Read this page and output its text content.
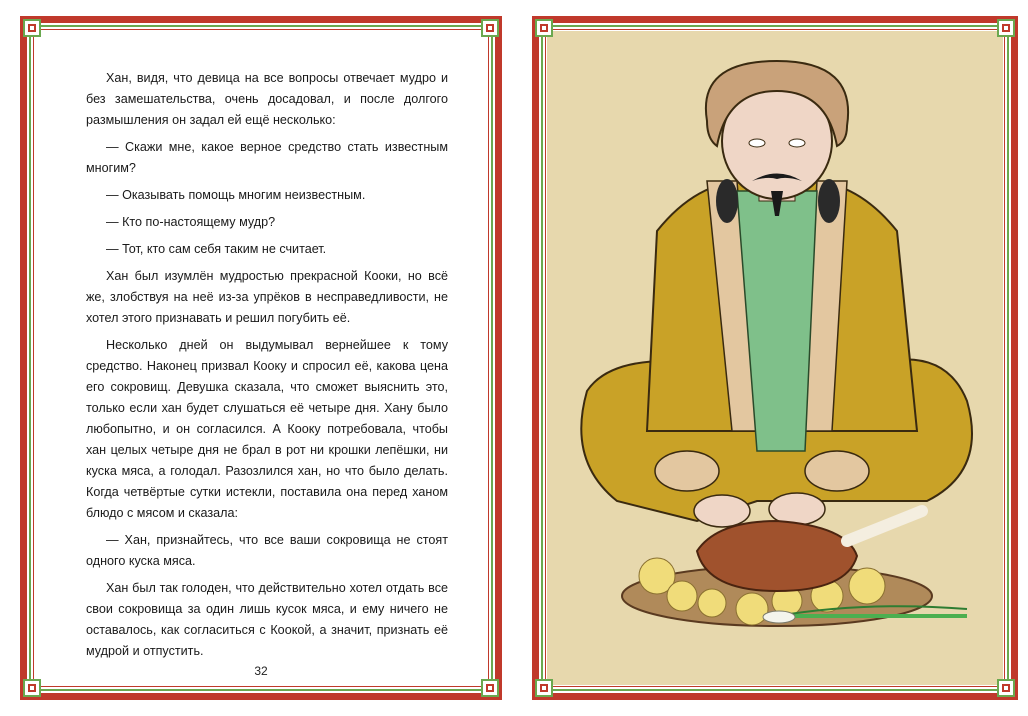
Хан, видя, что девица на все вопросы отвечает мудро и без замешательства, очень досадовал, и после долгого размышления он задал ей ещё несколько:

— Скажи мне, какое верное средство стать известным многим?

— Оказывать помощь многим неизвестным.

— Кто по-настоящему мудр?

— Тот, кто сам себя таким не считает.

Хан был изумлён мудростью прекрасной Кооки, но всё же, злобствуя на неё из-за упрёков в несправедливости, не хотел этого признавать и решил погубить её.

Несколько дней он выдумывал вернейшее к тому средство. Наконец призвал Кооку и спросил её, какова цена его сокровищ. Девушка сказала, что сможет выяснить это, только если хан будет слушаться её четыре дня. Хану было любопытно, и он согласился. А Кооку потребовала, чтобы хан целых четыре дня не брал в рот ни крошки лепёшки, ни куска мяса, а голодал. Разозлился хан, но что было делать. Когда четвёртые сутки истекли, поставила она перед ханом блюдо с мясом и сказала:

— Хан, признайтесь, что все ваши сокровища не стоят одного куска мяса.

Хан был так голоден, что действительно хотел отдать все свои сокровища за один лишь кусок мяса, и ему ничего не оставалось, как согласиться с Коокой, а значит, признать её мудрой и отпустить.

32
